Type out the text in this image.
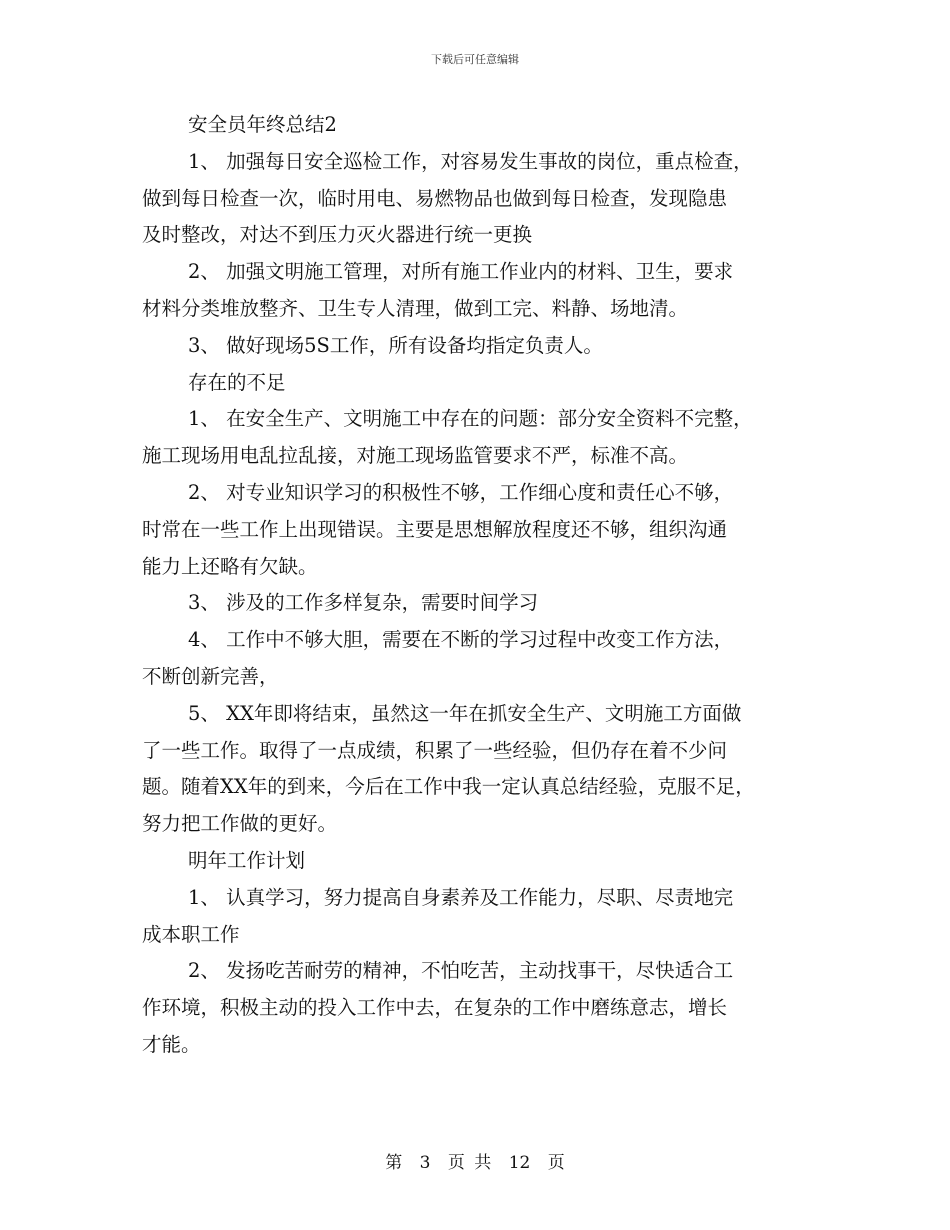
下载后可任意编辑
安全员年终总结2
1、 加强每日安全巡检工作，对容易发生事故的岗位，重点检查，
做到每日检查一次，临时用电、易燃物品也做到每日检查，发现隐患
及时整改，对达不到压力灭火器进行统一更换
2、 加强文明施工管理，对所有施工作业内的材料、卫生，要求
材料分类堆放整齐、卫生专人清理，做到工完、料静、场地清。
3、 做好现场5S工作，所有设备均指定负责人。
存在的不足
1、 在安全生产、文明施工中存在的问题：部分安全资料不完整，
施工现场用电乱拉乱接，对施工现场监管要求不严，标准不高。
2、 对专业知识学习的积极性不够，工作细心度和责任心不够，
时常在一些工作上出现错误。主要是思想解放程度还不够，组织沟通
能力上还略有欠缺。
3、 涉及的工作多样复杂，需要时间学习
4、 工作中不够大胆，需要在不断的学习过程中改变工作方法，
不断创新完善，
5、 XX年即将结束，虽然这一年在抓安全生产、文明施工方面做
了一些工作。取得了一点成绩，积累了一些经验，但仍存在着不少问
题。随着XX年的到来，今后在工作中我一定认真总结经验，克服不足，
努力把工作做的更好。
明年工作计划
1、 认真学习，努力提高自身素养及工作能力，尽职、尽责地完
成本职工作
2、 发扬吃苦耐劳的精神，不怕吃苦，主动找事干，尽快适合工
作环境，积极主动的投入工作中去，在复杂的工作中磨练意志，增长
才能。
第 3 页 共 12 页
